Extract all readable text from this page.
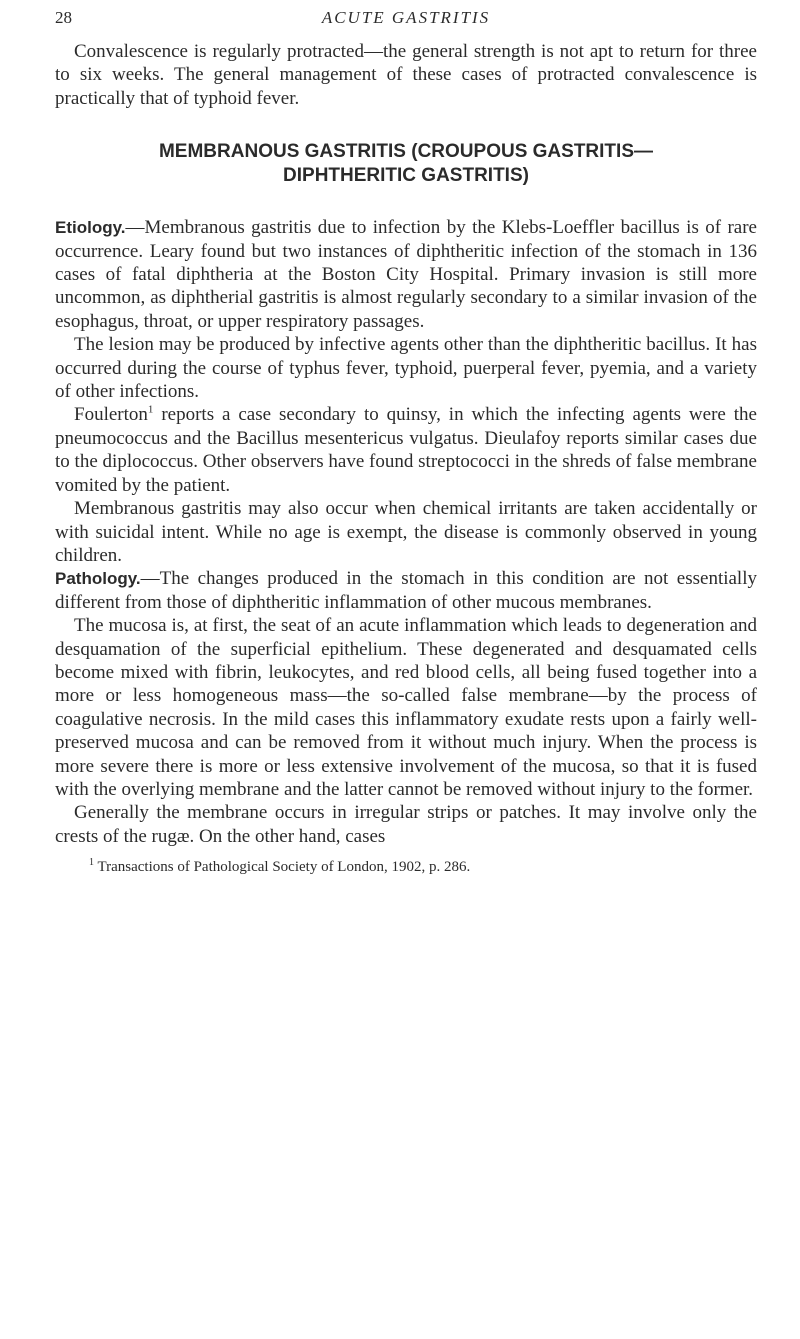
28	ACUTE GASTRITIS

Convalescence is regularly protracted—the general strength is not apt to return for three to six weeks. The general management of these cases of protracted convalescence is practically that of typhoid fever.

MEMBRANOUS GASTRITIS (CROUPOUS GASTRITIS—
DIPHTHERITIC GASTRITIS)

Etiology.—Membranous gastritis due to infection by the Klebs-Loeffler bacillus is of rare occurrence. Leary found but two instances of diphtheritic infection of the stomach in 136 cases of fatal diphtheria at the Boston City Hospital. Primary invasion is still more uncommon, as diphtherial gastritis is almost regularly secondary to a similar invasion of the esophagus, throat, or upper respiratory passages.

The lesion may be produced by infective agents other than the diphtheritic bacillus. It has occurred during the course of typhus fever, typhoid, puerperal fever, pyemia, and a variety of other infections.

Foulerton$^1$ reports a case secondary to quinsy, in which the infecting agents were the pneumococcus and the Bacillus mesentericus vulgatus. Dieulafoy reports similar cases due to the diplococcus. Other observers have found streptococci in the shreds of false membrane vomited by the patient.

Membranous gastritis may also occur when chemical irritants are taken accidentally or with suicidal intent. While no age is exempt, the disease is commonly observed in young children.

Pathology.—The changes produced in the stomach in this condition are not essentially different from those of diphtheritic inflammation of other mucous membranes.

The mucosa is, at first, the seat of an acute inflammation which leads to degeneration and desquamation of the superficial epithelium. These degenerated and desquamated cells become mixed with fibrin, leukocytes, and red blood cells, all being fused together into a more or less homogeneous mass—the so-called false membrane—by the process of coagulative necrosis. In the mild cases this inflammatory exudate rests upon a fairly well-preserved mucosa and can be removed from it without much injury. When the process is more severe there is more or less extensive involvement of the mucosa, so that it is fused with the overlying membrane and the latter cannot be removed without injury to the former.

Generally the membrane occurs in irregular strips or patches. It may involve only the crests of the rugæ. On the other hand, cases

$^1$ Transactions of Pathological Society of London, 1902, p. 286.
